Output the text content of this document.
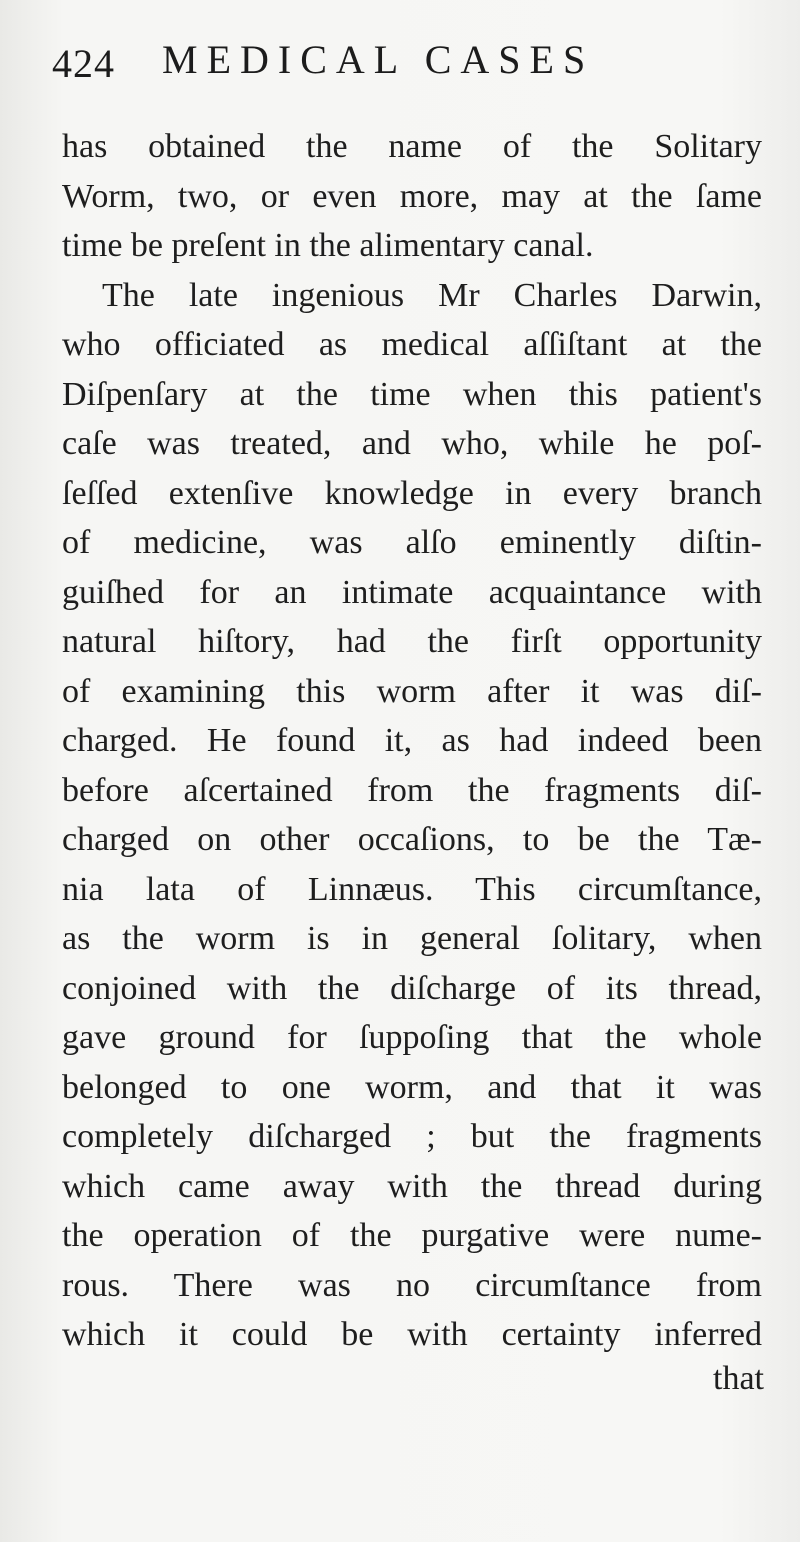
424 MEDICAL CASES
has obtained the name of the Solitary
Worm, two, or even more, may at the ſame
time be preſent in the alimentary canal.
The late ingenious Mr Charles Darwin,
who officiated as medical aſſiſtant at the
Diſpenſary at the time when this patient's
caſe was treated, and who, while he poſ-
ſeſſed extenſive knowledge in every branch
of medicine, was alſo eminently diſtin-
guiſhed for an intimate acquaintance with
natural hiſtory, had the firſt opportunity
of examining this worm after it was diſ-
charged. He found it, as had indeed been
before aſcertained from the fragments diſ-
charged on other occaſions, to be the Tæ-
nia lata of Linnæus. This circumſtance,
as the worm is in general ſolitary, when
conjoined with the diſcharge of its thread,
gave ground for ſuppoſing that the whole
belonged to one worm, and that it was
completely diſcharged ; but the fragments
which came away with the thread during
the operation of the purgative were nume-
rous. There was no circumſtance from
which it could be with certainty inferred
that
